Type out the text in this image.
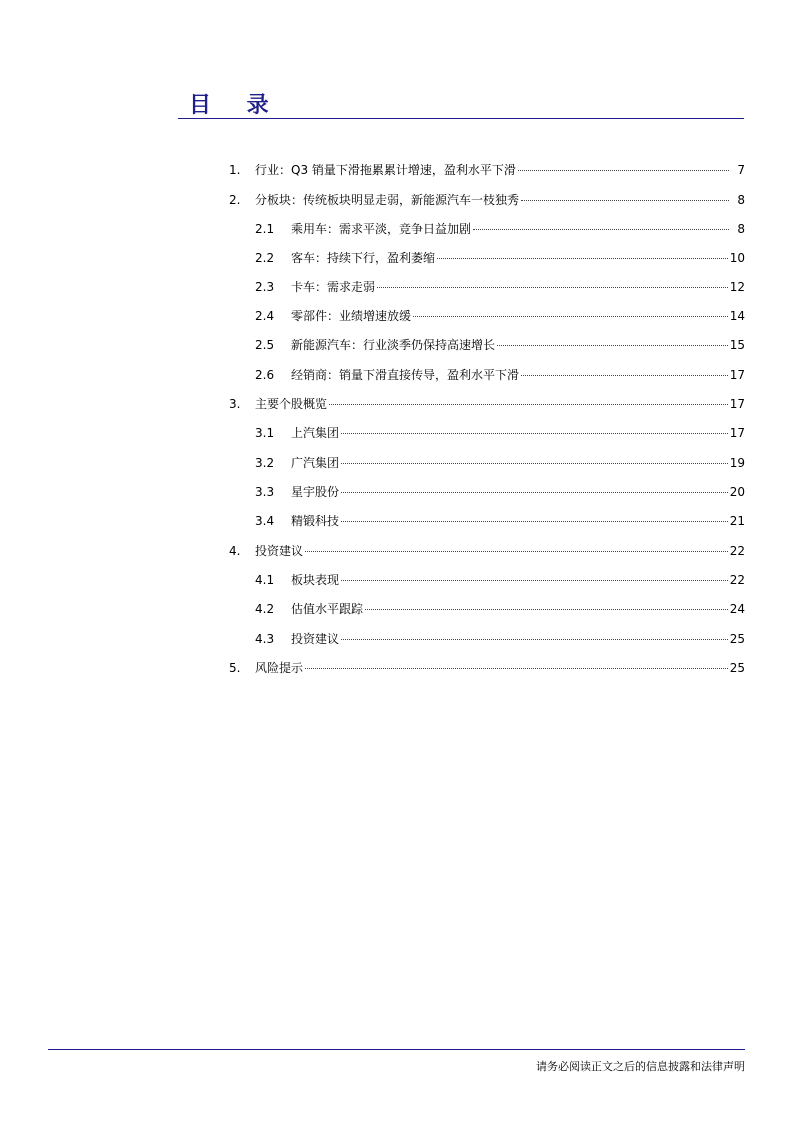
目 录
1.	行业：Q3 销量下滑拖累累计增速，盈利水平下滑	7
2.	分板块：传统板块明显走弱，新能源汽车一枝独秀	8
2.1	乘用车：需求平淡，竞争日益加剧	8
2.2	客车：持续下行，盈利萎缩	10
2.3	卡车：需求走弱	12
2.4	零部件：业绩增速放缓	14
2.5	新能源汽车：行业淡季仍保持高速增长	15
2.6	经销商：销量下滑直接传导，盈利水平下滑	17
3.	主要个股概览	17
3.1	上汽集团	17
3.2	广汽集团	19
3.3	星宇股份	20
3.4	精锻科技	21
4.	投资建议	22
4.1	板块表现	22
4.2	估值水平跟踪	24
4.3	投资建议	25
5.	风险提示	25
请务必阅读正文之后的信息披露和法律声明
